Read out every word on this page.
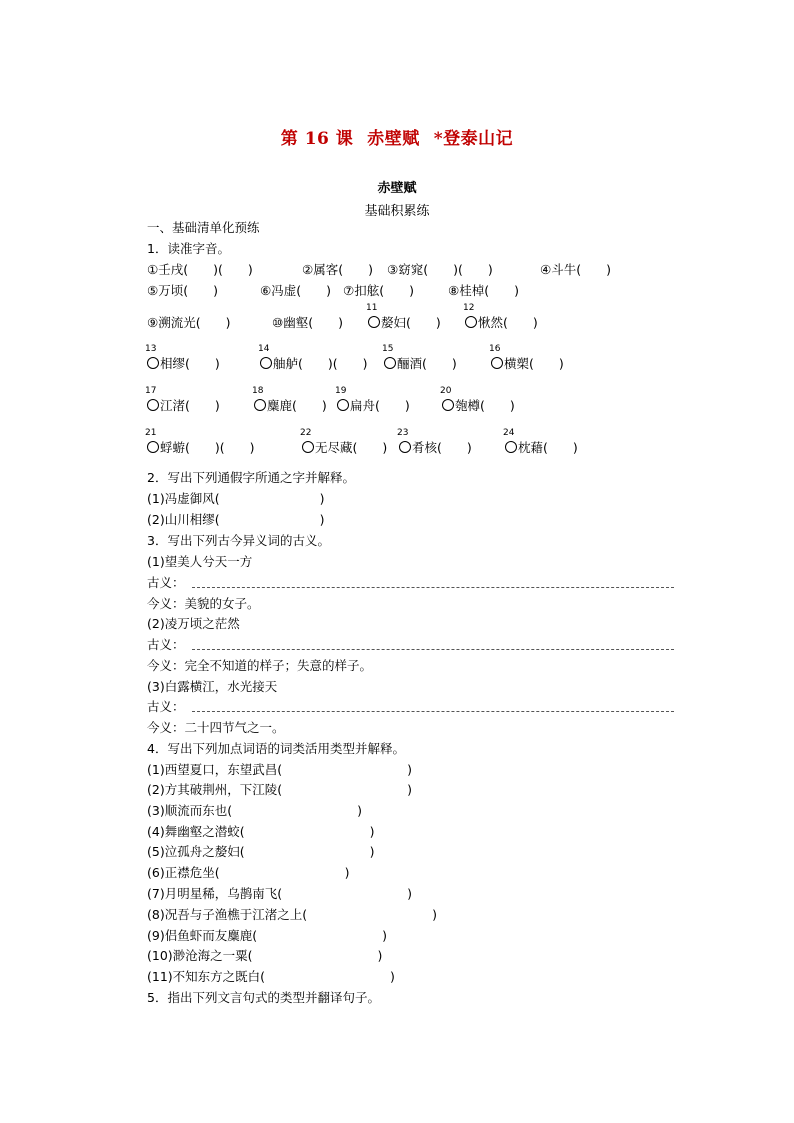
第 16 课 赤壁赋 *登泰山记
赤壁赋
基础积累练
一、基础清单化预练
1．读准字音。
①壬戌(　　)(　　)	②属客(　　) ③窈窕(　　)(　　)	④斗牛(　　)
⑤万顷(　　)	⑥冯虚(　　) ⑦扣舷(　　)	⑧桂棹(　　)
⑨溯流光(　　)	⑩幽壑(　　)
11
嫠妇(　　)
12
愀然(　　)
13
相缪(　　)
14
舳舻(　　)(　　)
15
酾酒(　　)
16
横槊(　　)
17
江渚(　　)
18
麋鹿(　　)
19
扁舟(　　)
20
匏樽(　　)
21
蜉蝣(　　)(　　)
22
无尽藏(　　)
23
肴核(　　)
24
枕藉(　　)
2．写出下列通假字所通之字并解释。
(1)冯虚御风(　　　　　　　　)
(2)山川相缪(　　　　　　　　)
3．写出下列古今异义词的古义。
(1)望美人兮天一方
古义：
今义：美貌的女子。
(2)凌万顷之茫然
古义：
今义：完全不知道的样子；失意的样子。
(3)白露横江，水光接天
古义：
今义：二十四节气之一。
4．写出下列加点词语的词类活用类型并解释。
(1)西望夏口，东望武昌(　　　　　　　　　　)
(2)方其破荆州，下江陵(　　　　　　　　　　)
(3)顺流而东也(　　　　　　　　　　)
(4)舞幽壑之潜蛟(　　　　　　　　　　)
(5)泣孤舟之嫠妇(　　　　　　　　　　)
(6)正襟危坐(　　　　　　　　　　)
(7)月明星稀，乌鹊南飞(　　　　　　　　　　)
(8)况吾与子渔樵于江渚之上(　　　　　　　　　　)
(9)侣鱼虾而友麋鹿(　　　　　　　　　　)
(10)渺沧海之一粟(　　　　　　　　　　)
(11)不知东方之既白(　　　　　　　　　　)
5．指出下列文言句式的类型并翻译句子。
